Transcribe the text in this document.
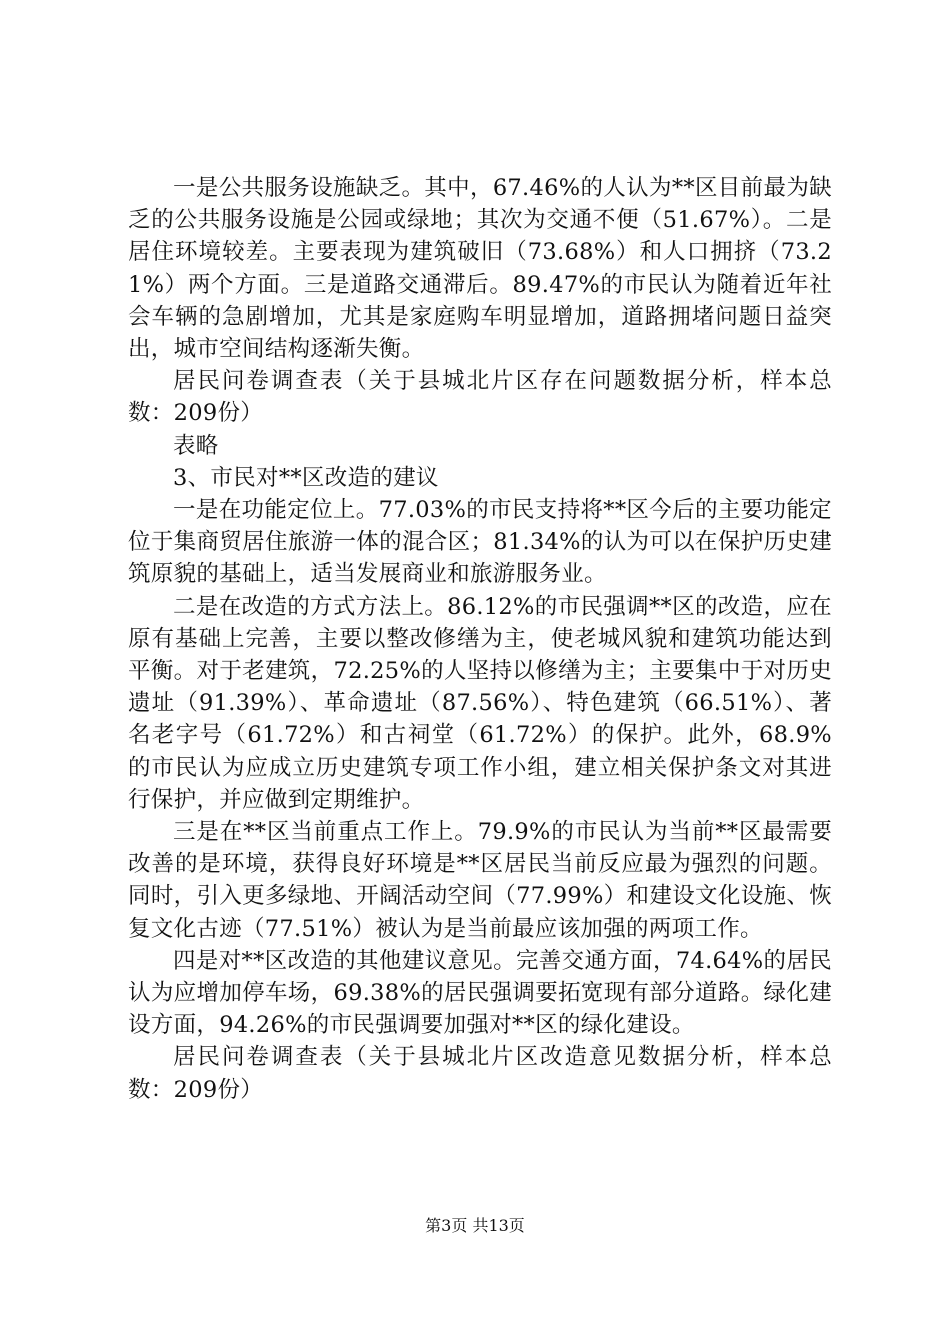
一是公共服务设施缺乏。其中，67.46%的人认为**区目前最为缺乏的公共服务设施是公园或绿地；其次为交通不便（51.67%）。二是居住环境较差。主要表现为建筑破旧（73.68%）和人口拥挤（73.21%）两个方面。三是道路交通滞后。89.47%的市民认为随着近年社会车辆的急剧增加，尤其是家庭购车明显增加，道路拥堵问题日益突出，城市空间结构逐渐失衡。

居民问卷调查表（关于县城北片区存在问题数据分析，样本总数：209份）

表略

3、市民对**区改造的建议

一是在功能定位上。77.03%的市民支持将**区今后的主要功能定位于集商贸居住旅游一体的混合区；81.34%的认为可以在保护历史建筑原貌的基础上，适当发展商业和旅游服务业。

二是在改造的方式方法上。86.12%的市民强调**区的改造，应在原有基础上完善，主要以整改修缮为主，使老城风貌和建筑功能达到平衡。对于老建筑，72.25%的人坚持以修缮为主；主要集中于对历史遗址（91.39%）、革命遗址（87.56%）、特色建筑（66.51%）、著名老字号（61.72%）和古祠堂（61.72%）的保护。此外，68.9%的市民认为应成立历史建筑专项工作小组，建立相关保护条文对其进行保护，并应做到定期维护。

三是在**区当前重点工作上。79.9%的市民认为当前**区最需要改善的是环境，获得良好环境是**区居民当前反应最为强烈的问题。同时，引入更多绿地、开阔活动空间（77.99%）和建设文化设施、恢复文化古迹（77.51%）被认为是当前最应该加强的两项工作。

四是对**区改造的其他建议意见。完善交通方面，74.64%的居民认为应增加停车场，69.38%的居民强调要拓宽现有部分道路。绿化建设方面，94.26%的市民强调要加强对**区的绿化建设。

居民问卷调查表（关于县城北片区改造意见数据分析，样本总数：209份）

第3页 共13页
